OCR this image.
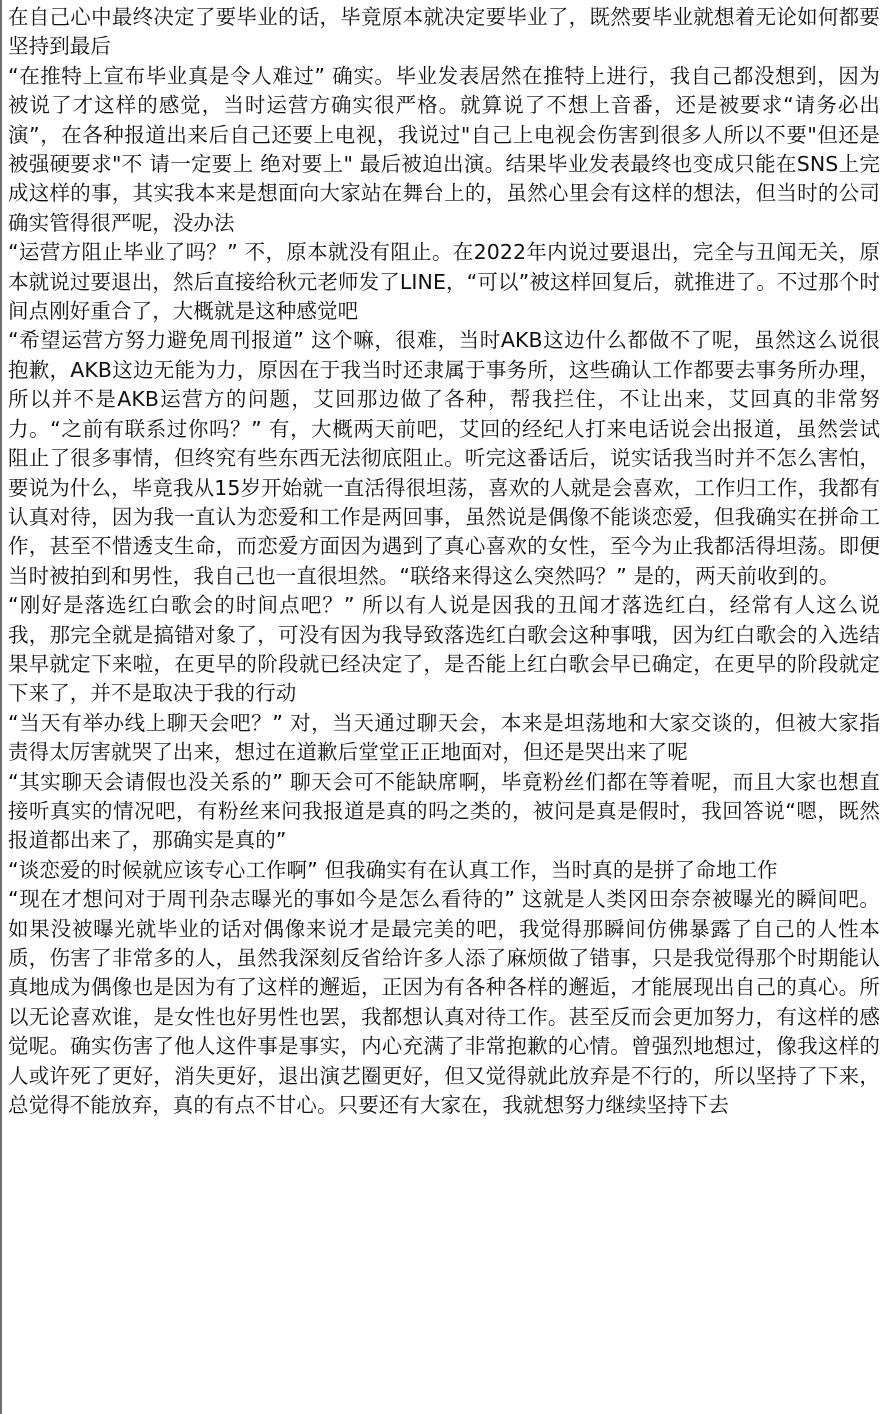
在自己心中最终决定了要毕业的话，毕竟原本就决定要毕业了，既然要毕业就想着无论如何都要坚持到最后

“在推特上宣布毕业真是令人难过” 确实。毕业发表居然在推特上进行，我自己都没想到，因为被说了才这样的感觉，当时运营方确实很严格。就算说了不想上音番，还是被要求“请务必出演”，在各种报道出来后自己还要上电视，我说过"自己上电视会伤害到很多人所以不要"但还是被强硬要求"不 请一定要上 绝对要上" 最后被迫出演。结果毕业发表最终也变成只能在SNS上完成这样的事，其实我本来是想面向大家站在舞台上的，虽然心里会有这样的想法，但当时的公司确实管得很严呢，没办法

“运营方阻止毕业了吗？” 不，原本就没有阻止。在2022年内说过要退出，完全与丑闻无关，原本就说过要退出，然后直接给秋元老师发了LINE，“可以”被这样回复后，就推进了。不过那个时间点刚好重合了，大概就是这种感觉吧

“希望运营方努力避免周刊报道” 这个嘛，很难，当时AKB这边什么都做不了呢，虽然这么说很抱歉，AKB这边无能为力，原因在于我当时还隶属于事务所，这些确认工作都要去事务所办理，所以并不是AKB运营方的问题，艾回那边做了各种，帮我拦住，不让出来，艾回真的非常努力。“之前有联系过你吗？” 有，大概两天前吧，艾回的经纪人打来电话说会出报道，虽然尝试阻止了很多事情，但终究有些东西无法彻底阻止。听完这番话后，说实话我当时并不怎么害怕，要说为什么，毕竟我从15岁开始就一直活得很坦荡，喜欢的人就是会喜欢，工作归工作，我都有认真对待，因为我一直认为恋爱和工作是两回事，虽然说是偶像不能谈恋爱，但我确实在拼命工作，甚至不惜透支生命，而恋爱方面因为遇到了真心喜欢的女性，至今为止我都活得坦荡。即便当时被拍到和男性，我自己也一直很坦然。“联络来得这么突然吗？” 是的，两天前收到的。

“刚好是落选红白歌会的时间点吧？” 所以有人说是因我的丑闻才落选红白，经常有人这么说我，那完全就是搞错对象了，可没有因为我导致落选红白歌会这种事哦，因为红白歌会的入选结果早就定下来啦，在更早的阶段就已经决定了，是否能上红白歌会早已确定，在更早的阶段就定下来了，并不是取决于我的行动

“当天有举办线上聊天会吧？” 对，当天通过聊天会，本来是坦荡地和大家交谈的，但被大家指责得太厉害就哭了出来，想过在道歉后堂堂正正地面对，但还是哭出来了呢

“其实聊天会请假也没关系的” 聊天会可不能缺席啊，毕竟粉丝们都在等着呢，而且大家也想直接听真实的情况吧，有粉丝来问我报道是真的吗之类的，被问是真是假时，我回答说“嗯，既然报道都出来了，那确实是真的”

“谈恋爱的时候就应该专心工作啊” 但我确实有在认真工作，当时真的是拼了命地工作

“现在才想问对于周刊杂志曝光的事如今是怎么看待的” 这就是人类冈田奈奈被曝光的瞬间吧。如果没被曝光就毕业的话对偶像来说才是最完美的吧，我觉得那瞬间仿佛暴露了自己的人性本质，伤害了非常多的人，虽然我深刻反省给许多人添了麻烦做了错事，只是我觉得那个时期能认真地成为偶像也是因为有了这样的邂逅，正因为有各种各样的邂逅，才能展现出自己的真心。所以无论喜欢谁，是女性也好男性也罢，我都想认真对待工作。甚至反而会更加努力，有这样的感觉呢。确实伤害了他人这件事是事实，内心充满了非常抱歉的心情。曾强烈地想过，像我这样的人或许死了更好，消失更好，退出演艺圈更好，但又觉得就此放弃是不行的，所以坚持了下来，总觉得不能放弃，真的有点不甘心。只要还有大家在，我就想努力继续坚持下去
